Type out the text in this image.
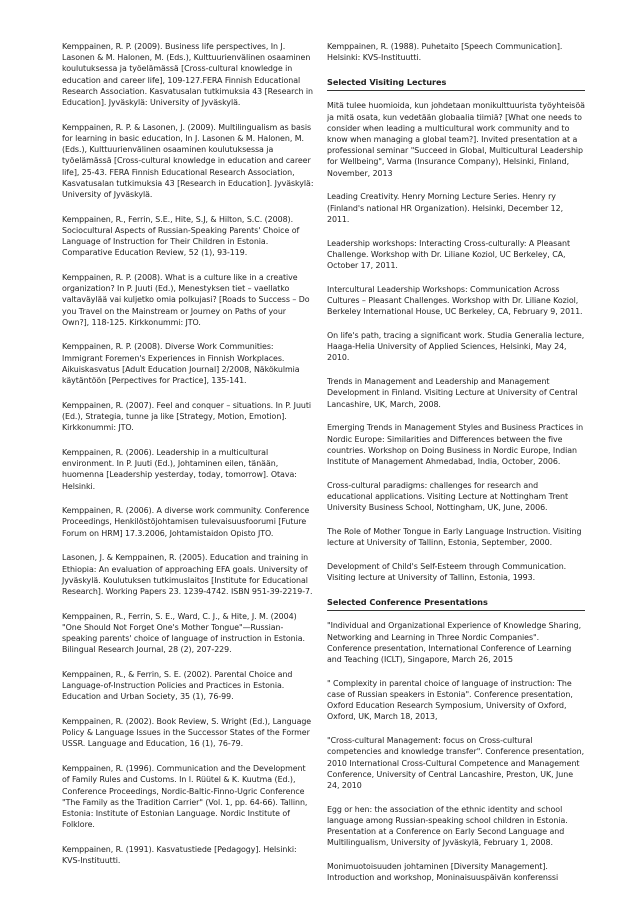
Kemppainen, R. P. (2009). Business life perspectives, In J. Lasonen & M. Halonen, M. (Eds.), Kulttuurienvälinen osaaminen koulutuksessa ja työelämässä [Cross-cultural knowledge in education and career life], 109-127.FERA Finnish Educational Research Association. Kasvatusalan tutkimuksia 43 [Research in Education]. Jyväskylä: University of Jyväskylä.
Kemppainen, R. P. & Lasonen, J. (2009). Multilingualism as basis for learning in basic education, In J. Lasonen & M. Halonen, M. (Eds.), Kulttuurienvälinen osaaminen koulutuksessa ja työelämässä [Cross-cultural knowledge in education and career life], 25-43. FERA Finnish Educational Research Association, Kasvatusalan tutkimuksia 43 [Research in Education]. Jyväskylä: University of Jyväskylä.
Kemppainen, R., Ferrin, S.E., Hite, S.J, & Hilton, S.C. (2008). Sociocultural Aspects of Russian-Speaking Parents' Choice of Language of Instruction for Their Children in Estonia. Comparative Education Review, 52 (1), 93-119.
Kemppainen, R. P. (2008). What is a culture like in a creative organization? In P. Juuti (Ed.), Menestyksen tiet – vaellatko valtaväylää vai kuljetko omia polkujasi? [Roads to Success – Do you Travel on the Mainstream or Journey on Paths of your Own?], 118-125. Kirkkonummi: JTO.
Kemppainen, R. P. (2008). Diverse Work Communities: Immigrant Foremen's Experiences in Finnish Workplaces. Aikuiskasvatus [Adult Education Journal] 2/2008, Näkökulmia käytäntöön [Perpectives for Practice], 135-141.
Kemppainen, R. (2007). Feel and conquer – situations. In P. Juuti (Ed.), Strategia, tunne ja like [Strategy, Motion, Emotion]. Kirkkonummi: JTO.
Kemppainen, R. (2006). Leadership in a multicultural environment. In P. Juuti (Ed.), Johtaminen eilen, tänään, huomenna [Leadership yesterday, today, tomorrow]. Otava: Helsinki.
Kemppainen, R. (2006). A diverse work community. Conference Proceedings, Henkilöstöjohtamisen tulevaisuusfoorumi [Future Forum on HRM] 17.3.2006, Johtamistaidon Opisto JTO.
Lasonen, J. & Kemppainen, R. (2005). Education and training in Ethiopia: An evaluation of approaching EFA goals. University of Jyväskylä. Koulutuksen tutkimuslaitos [Institute for Educational Research]. Working Papers 23. 1239-4742. ISBN 951-39-2219-7.
Kemppainen, R., Ferrin, S. E., Ward, C. J., & Hite, J. M. (2004) "One Should Not Forget One's Mother Tongue"—Russian-speaking parents' choice of language of instruction in Estonia. Bilingual Research Journal, 28 (2), 207-229.
Kemppainen, R., & Ferrin, S. E. (2002). Parental Choice and Language-of-Instruction Policies and Practices in Estonia. Education and Urban Society, 35 (1), 76-99.
Kemppainen, R. (2002). Book Review, S. Wright (Ed.), Language Policy & Language Issues in the Successor States of the Former USSR. Language and Education, 16 (1), 76-79.
Kemppainen, R. (1996). Communication and the Development of Family Rules and Customs. In I. Rüütel & K. Kuutma (Ed.), Conference Proceedings, Nordic-Baltic-Finno-Ugric Conference "The Family as the Tradition Carrier" (Vol. 1, pp. 64-66). Tallinn, Estonia: Institute of Estonian Language. Nordic Institute of Folklore.
Kemppainen, R. (1991). Kasvatustiede [Pedagogy]. Helsinki: KVS-Instituutti.
Kemppainen, R. (1988). Puhetaito [Speech Communication]. Helsinki: KVS-Instituutti.
Selected Visiting Lectures
Mitä tulee huomioida, kun johdetaan monikulttuurista työyhteisöä ja mitä osata, kun vedetään globaalia tiimiä? [What one needs to consider when leading a multicultural work community and to know when managing a global team?]. Invited presentation at a professional seminar "Succeed in Global, Multicultural Leadership for Wellbeing", Varma (Insurance Company), Helsinki, Finland, November, 2013
Leading Creativity. Henry Morning Lecture Series. Henry ry (Finland's national HR Organization). Helsinki, December 12, 2011.
Leadership workshops: Interacting Cross-culturally: A Pleasant Challenge. Workshop with Dr. Liliane Koziol, UC Berkeley, CA, October 17, 2011.
Intercultural Leadership Workshops: Communication Across Cultures – Pleasant Challenges. Workshop with Dr. Liliane Koziol, Berkeley International House, UC Berkeley, CA, February 9, 2011.
On life's path, tracing a significant work. Studia Generalia lecture, Haaga-Helia University of Applied Sciences, Helsinki, May 24, 2010.
Trends in Management and Leadership and Management Development in Finland. Visiting Lecture at University of Central Lancashire, UK, March, 2008.
Emerging Trends in Management Styles and Business Practices in Nordic Europe: Similarities and Differences between the five countries. Workshop on Doing Business in Nordic Europe, Indian Institute of Management Ahmedabad, India, October, 2006.
Cross-cultural paradigms: challenges for research and educational applications. Visiting Lecture at Nottingham Trent University Business School, Nottingham, UK, June, 2006.
The Role of Mother Tongue in Early Language Instruction. Visiting lecture at University of Tallinn, Estonia, September, 2000.
Development of Child's Self-Esteem through Communication. Visiting lecture at University of Tallinn, Estonia, 1993.
Selected Conference Presentations
"Individual and Organizational Experience of Knowledge Sharing, Networking and Learning in Three Nordic Companies". Conference presentation, International Conference of Learning and Teaching (ICLT), Singapore, March 26, 2015
" Complexity in parental choice of language of instruction: The case of Russian speakers in Estonia". Conference presentation, Oxford Education Research Symposium, University of Oxford, Oxford, UK, March 18, 2013,
"Cross-cultural Management: focus on Cross-cultural competencies and knowledge transfer". Conference presentation, 2010 International Cross-Cultural Competence and Management Conference, University of Central Lancashire, Preston, UK, June 24, 2010
Egg or hen: the association of the ethnic identity and school language among Russian-speaking school children in Estonia. Presentation at a Conference on Early Second Language and Multilingualism, University of Jyväskylä, February 1, 2008.
Monimuotoisuuden johtaminen [Diversity Management]. Introduction and workshop, Moninaisuuspäivän konferenssi
